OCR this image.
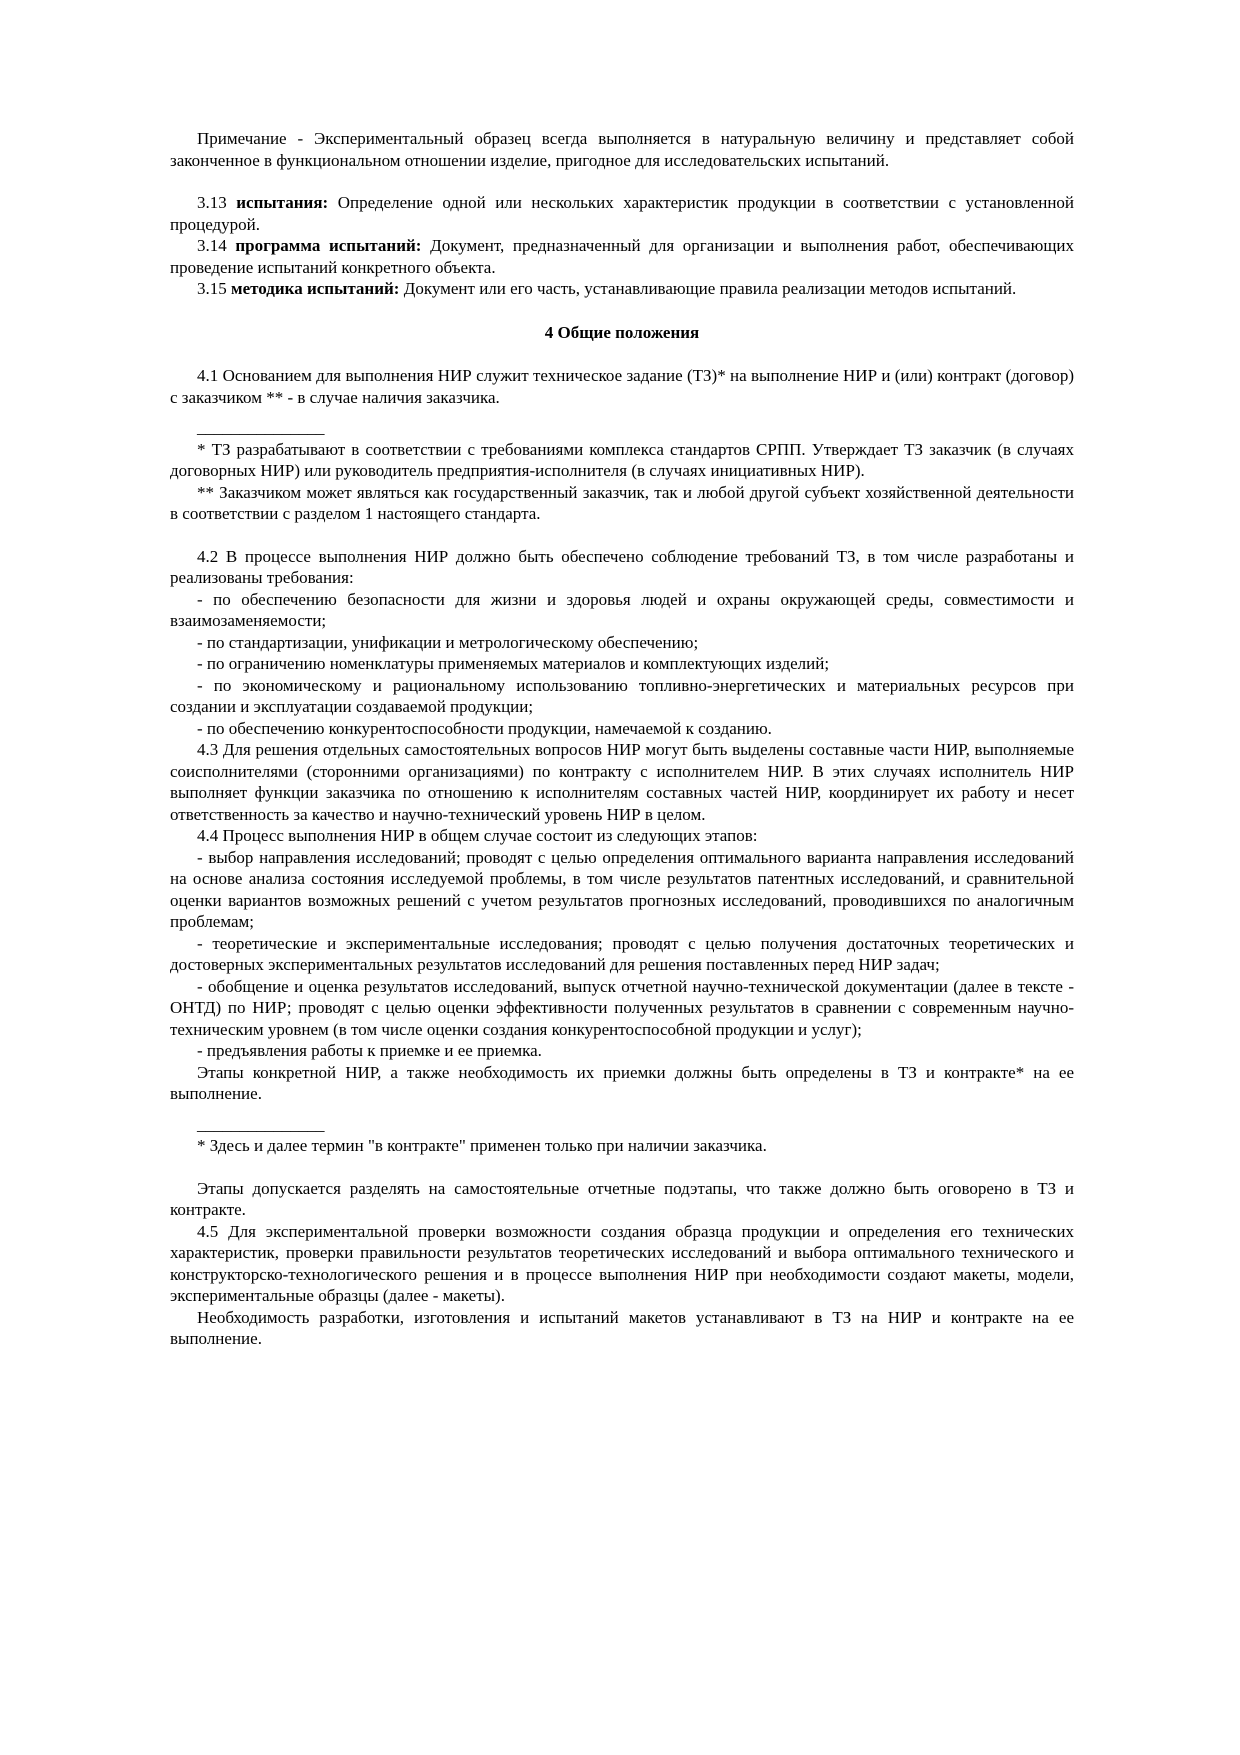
Примечание - Экспериментальный образец всегда выполняется в натуральную величину и представляет собой законченное в функциональном отношении изделие, пригодное для исследовательских испытаний.

3.13 испытания: Определение одной или нескольких характеристик продукции в соответствии с установленной процедурой.

3.14 программа испытаний: Документ, предназначенный для организации и выполнения работ, обеспечивающих проведение испытаний конкретного объекта.

3.15 методика испытаний: Документ или его часть, устанавливающие правила реализации методов испытаний.

4 Общие положения

4.1 Основанием для выполнения НИР служит техническое задание (ТЗ)* на выполнение НИР и (или) контракт (договор) с заказчиком ** - в случае наличия заказчика.

_______________

* ТЗ разрабатывают в соответствии с требованиями комплекса стандартов СРПП. Утверждает ТЗ заказчик (в случаях договорных НИР) или руководитель предприятия-исполнителя (в случаях инициативных НИР).

** Заказчиком может являться как государственный заказчик, так и любой другой субъект хозяйственной деятельности в соответствии с разделом 1 настоящего стандарта.

4.2 В процессе выполнения НИР должно быть обеспечено соблюдение требований ТЗ, в том числе разработаны и реализованы требования:

- по обеспечению безопасности для жизни и здоровья людей и охраны окружающей среды, совместимости и взаимозаменяемости;

- по стандартизации, унификации и метрологическому обеспечению;

- по ограничению номенклатуры применяемых материалов и комплектующих изделий;

- по экономическому и рациональному использованию топливно-энергетических и материальных ресурсов при создании и эксплуатации создаваемой продукции;

- по обеспечению конкурентоспособности продукции, намечаемой к созданию.

4.3 Для решения отдельных самостоятельных вопросов НИР могут быть выделены составные части НИР, выполняемые соисполнителями (сторонними организациями) по контракту с исполнителем НИР. В этих случаях исполнитель НИР выполняет функции заказчика по отношению к исполнителям составных частей НИР, координирует их работу и несет ответственность за качество и научно-технический уровень НИР в целом.

4.4 Процесс выполнения НИР в общем случае состоит из следующих этапов:

- выбор направления исследований; проводят с целью определения оптимального варианта направления исследований на основе анализа состояния исследуемой проблемы, в том числе результатов патентных исследований, и сравнительной оценки вариантов возможных решений с учетом результатов прогнозных исследований, проводившихся по аналогичным проблемам;

- теоретические и экспериментальные исследования; проводят с целью получения достаточных теоретических и достоверных экспериментальных результатов исследований для решения поставленных перед НИР задач;

- обобщение и оценка результатов исследований, выпуск отчетной научно-технической документации (далее в тексте - ОНТД) по НИР; проводят с целью оценки эффективности полученных результатов в сравнении с современным научно-техническим уровнем (в том числе оценки создания конкурентоспособной продукции и услуг);

- предъявления работы к приемке и ее приемка.

Этапы конкретной НИР, а также необходимость их приемки должны быть определены в ТЗ и контракте* на ее выполнение.

_______________

* Здесь и далее термин "в контракте" применен только при наличии заказчика.

Этапы допускается разделять на самостоятельные отчетные подэтапы, что также должно быть оговорено в ТЗ и контракте.

4.5 Для экспериментальной проверки возможности создания образца продукции и определения его технических характеристик, проверки правильности результатов теоретических исследований и выбора оптимального технического и конструкторско-технологического решения и в процессе выполнения НИР при необходимости создают макеты, модели, экспериментальные образцы (далее - макеты).

Необходимость разработки, изготовления и испытаний макетов устанавливают в ТЗ на НИР и контракте на ее выполнение.
